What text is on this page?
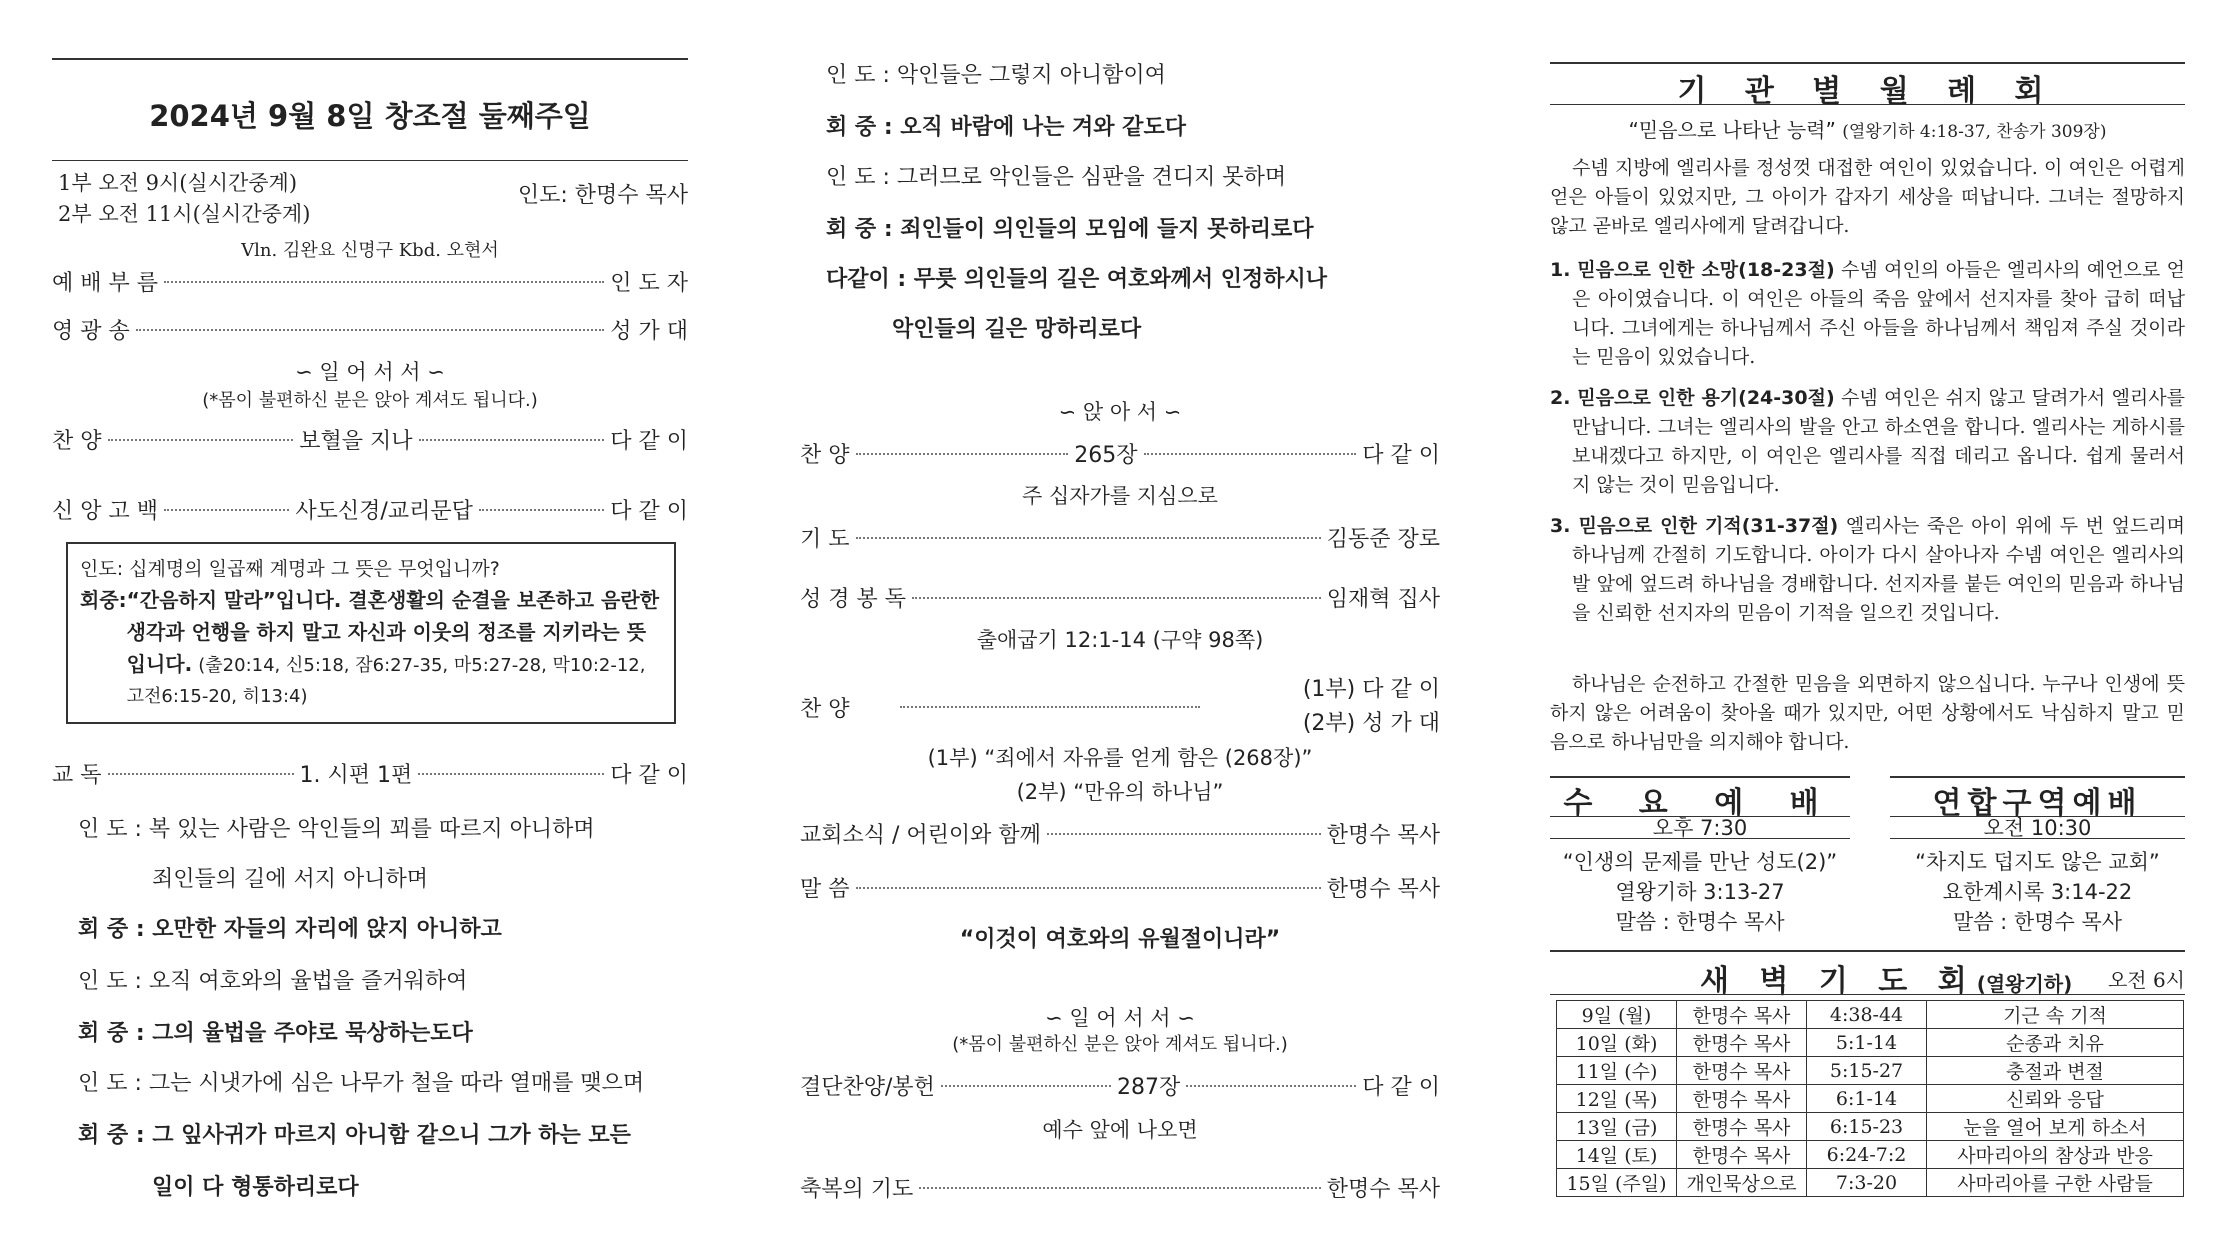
2024년 9월 8일 창조절 둘째주일
1부 오전 9시(실시간중계)
2부 오전 11시(실시간중계)
인도: 한명수 목사
Vln. 김완요 신명구 Kbd. 오현서
예 배 부 름	인 도 자
영 광 송	성 가 대
∽ 일 어 서 서 ∽
(*몸이 불편하신 분은 앉아 계셔도 됩니다.)
찬 양	보혈을 지나	다 같 이
신 앙 고 백	사도신경/교리문답	다 같 이
인도: 십계명의 일곱째 계명과 그 뜻은 무엇입니까?
회중: “간음하지 말라”입니다. 결혼생활의 순결을 보존하고 음란한 생각과 언행을 하지 말고 자신과 이웃의 정조를 지키라는 뜻입니다. (출20:14, 신5:18, 잠6:27-35, 마5:27-28, 막10:2-12, 고전6:15-20, 히13:4)
교 독	1. 시편 1편	다 같 이
인 도 : 복 있는 사람은 악인들의 꾀를 따르지 아니하며
죄인들의 길에 서지 아니하며
회 중 : 오만한 자들의 자리에 앉지 아니하고
인 도 : 오직 여호와의 율법을 즐거워하여
회 중 : 그의 율법을 주야로 묵상하는도다
인 도 : 그는 시냇가에 심은 나무가 철을 따라 열매를 맺으며
회 중 : 그 잎사귀가 마르지 아니함 같으니 그가 하는 모든
일이 다 형통하리로다
인 도 : 악인들은 그렇지 아니함이여
회 중 : 오직 바람에 나는 겨와 같도다
인 도 : 그러므로 악인들은 심판을 견디지 못하며
회 중 : 죄인들이 의인들의 모임에 들지 못하리로다
다같이 : 무릇 의인들의 길은 여호와께서 인정하시나
악인들의 길은 망하리로다
∽ 앉 아 서 ∽
찬 양	265장	다 같 이
주 십자가를 지심으로
기 도	김동준 장로
성 경 봉 독	임재혁 집사
출애굽기 12:1-14 (구약 98쪽)
찬 양
(1부) 다 같 이
(2부) 성 가 대
(1부) “죄에서 자유를 얻게 함은 (268장)”
(2부) “만유의 하나님”
교회소식 / 어린이와 함께	한명수 목사
말 씀	한명수 목사
“이것이 여호와의 유월절이니라”
∽ 일 어 서 서 ∽
(*몸이 불편하신 분은 앉아 계셔도 됩니다.)
결단찬양/봉헌	287장	다 같 이
예수 앞에 나오면
축복의 기도	한명수 목사
기 관 별 월 례 회
“믿음으로 나타난 능력” (열왕기하 4:18-37, 찬송가 309장)
수넴 지방에 엘리사를 정성껏 대접한 여인이 있었습니다. 이 여인은 어렵게 얻은 아들이 있었지만, 그 아이가 갑자기 세상을 떠납니다. 그녀는 절망하지 않고 곧바로 엘리사에게 달려갑니다.
1. 믿음으로 인한 소망(18-23절) 수넴 여인의 아들은 엘리사의 예언으로 얻은 아이였습니다. 이 여인은 아들의 죽음 앞에서 선지자를 찾아 급히 떠납니다. 그녀에게는 하나님께서 주신 아들을 하나님께서 책임져 주실 것이라는 믿음이 있었습니다.
2. 믿음으로 인한 용기(24-30절) 수넴 여인은 쉬지 않고 달려가서 엘리사를 만납니다. 그녀는 엘리사의 발을 안고 하소연을 합니다. 엘리사는 게하시를 보내겠다고 하지만, 이 여인은 엘리사를 직접 데리고 옵니다. 쉽게 물러서지 않는 것이 믿음입니다.
3. 믿음으로 인한 기적(31-37절) 엘리사는 죽은 아이 위에 두 번 엎드리며 하나님께 간절히 기도합니다. 아이가 다시 살아나자 수넴 여인은 엘리사의 발 앞에 엎드려 하나님을 경배합니다. 선지자를 붙든 여인의 믿음과 하나님을 신뢰한 선지자의 믿음이 기적을 일으킨 것입니다.
하나님은 순전하고 간절한 믿음을 외면하지 않으십니다. 누구나 인생에 뜻하지 않은 어려움이 찾아올 때가 있지만, 어떤 상황에서도 낙심하지 말고 믿음으로 하나님만을 의지해야 합니다.
수 요 예 배
오후 7:30
“인생의 문제를 만난 성도(2)”
열왕기하 3:13-27
말씀 : 한명수 목사
연합구역예배
오전 10:30
“차지도 덥지도 않은 교회”
요한계시록 3:14-22
말씀 : 한명수 목사
새 벽 기 도 회(열왕기하) 오전 6시
9일 (월)	한명수 목사	4:38-44	기근 속 기적
10일 (화)	한명수 목사	5:1-14	순종과 치유
11일 (수)	한명수 목사	5:15-27	충절과 변절
12일 (목)	한명수 목사	6:1-14	신뢰와 응답
13일 (금)	한명수 목사	6:15-23	눈을 열어 보게 하소서
14일 (토)	한명수 목사	6:24-7:2	사마리아의 참상과 반응
15일 (주일)	개인묵상으로	7:3-20	사마리아를 구한 사람들
